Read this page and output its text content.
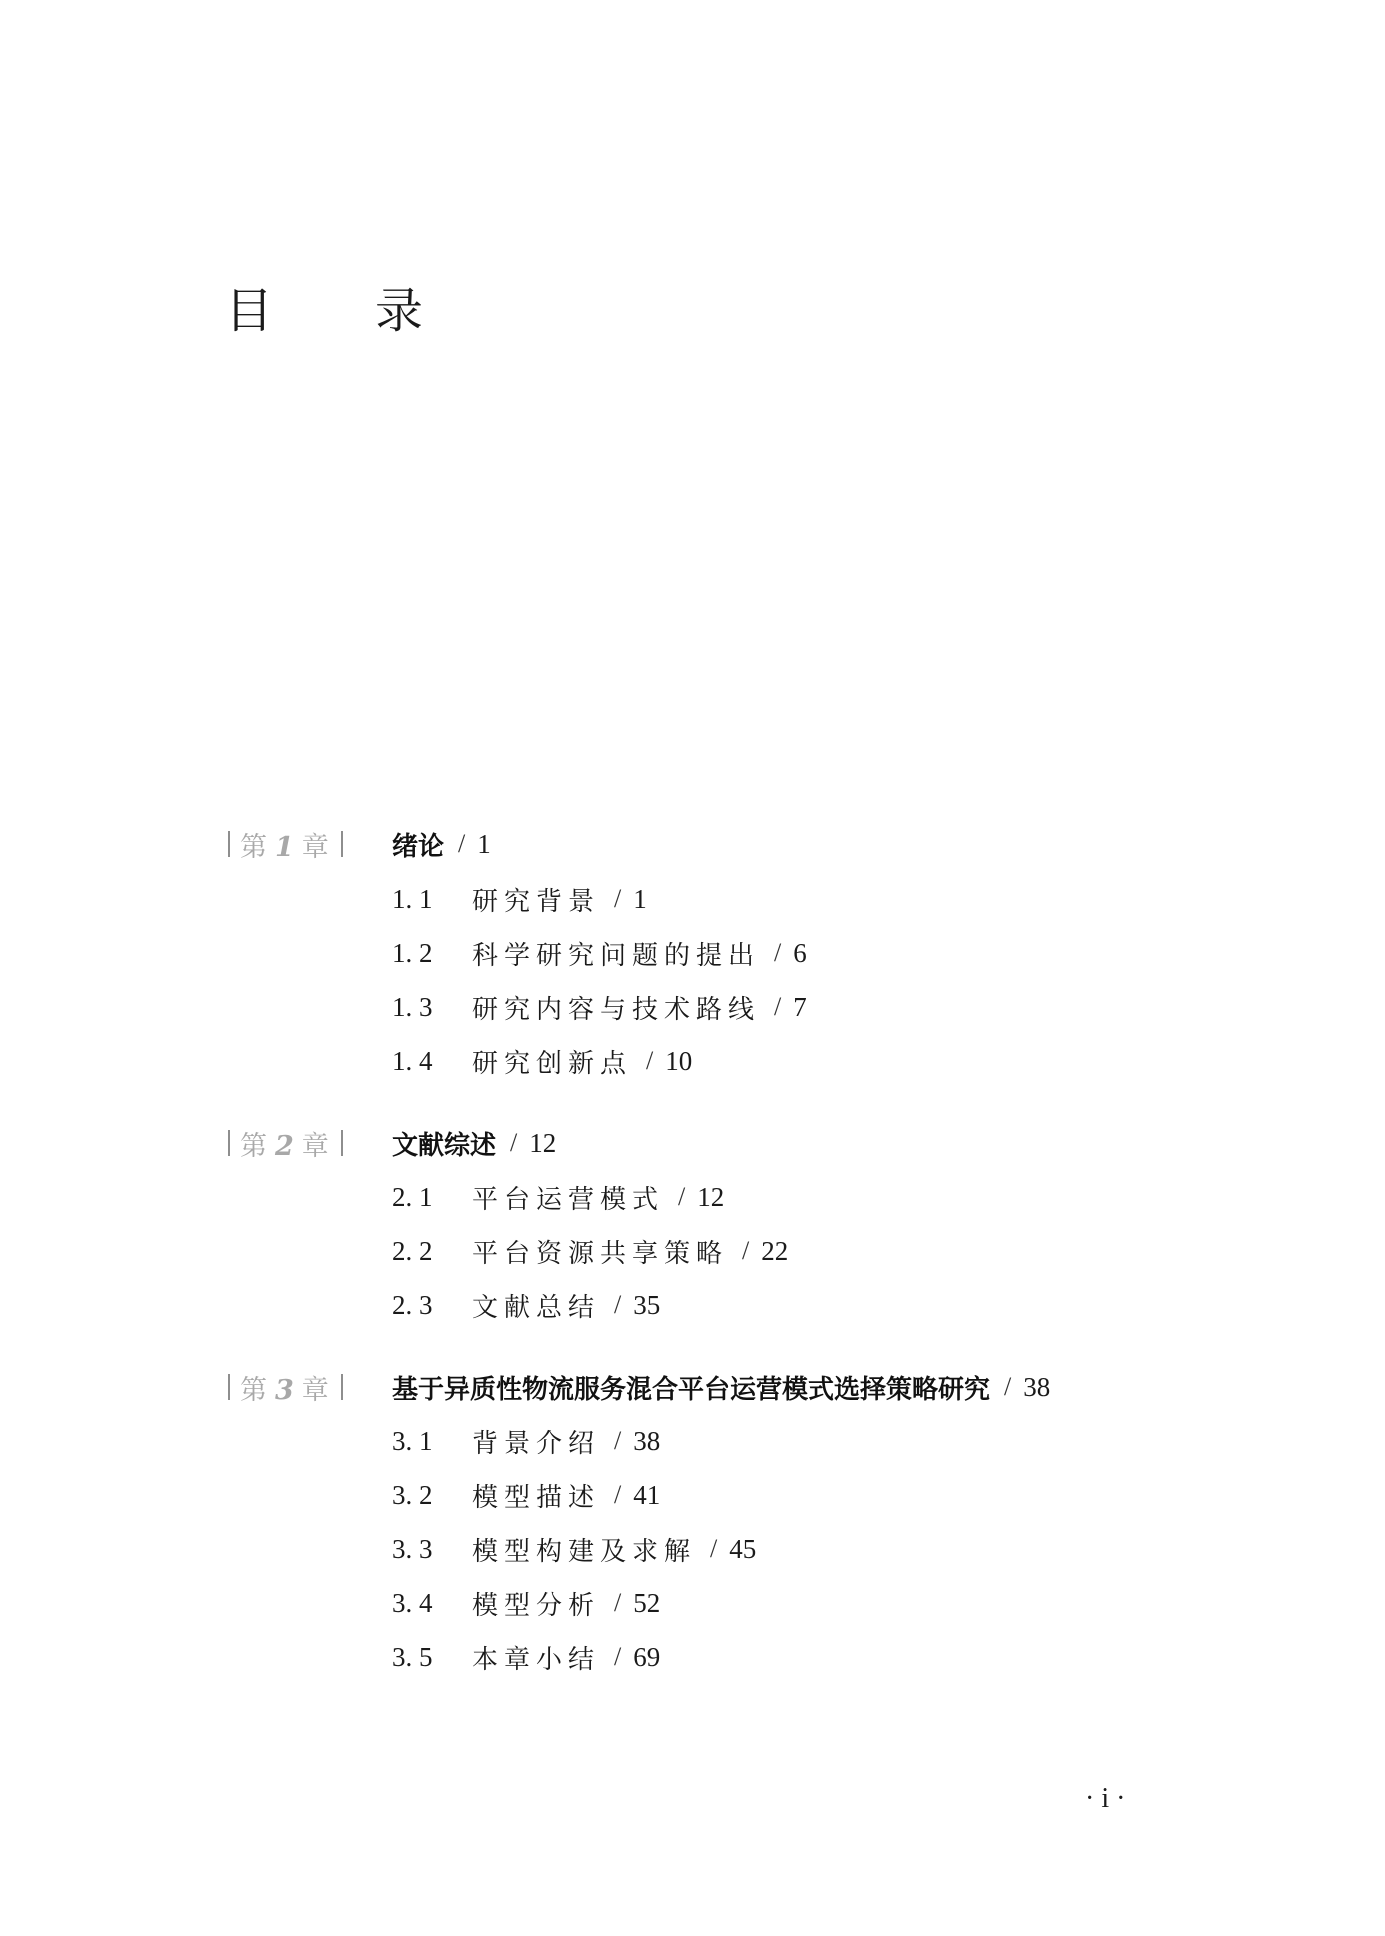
目 录
第 1 章 绪论 / 1
1. 1	研究背景 / 1
1. 2	科学研究问题的提出 / 6
1. 3	研究内容与技术路线 / 7
1. 4	研究创新点 / 10
第 2 章 文献综述 / 12
2. 1	平台运营模式 / 12
2. 2	平台资源共享策略 / 22
2. 3	文献总结 / 35
第 3 章 基于异质性物流服务混合平台运营模式选择策略研究 / 38
3. 1	背景介绍 / 38
3. 2	模型描述 / 41
3. 3	模型构建及求解 / 45
3. 4	模型分析 / 52
3. 5	本章小结 / 69
· i ·
